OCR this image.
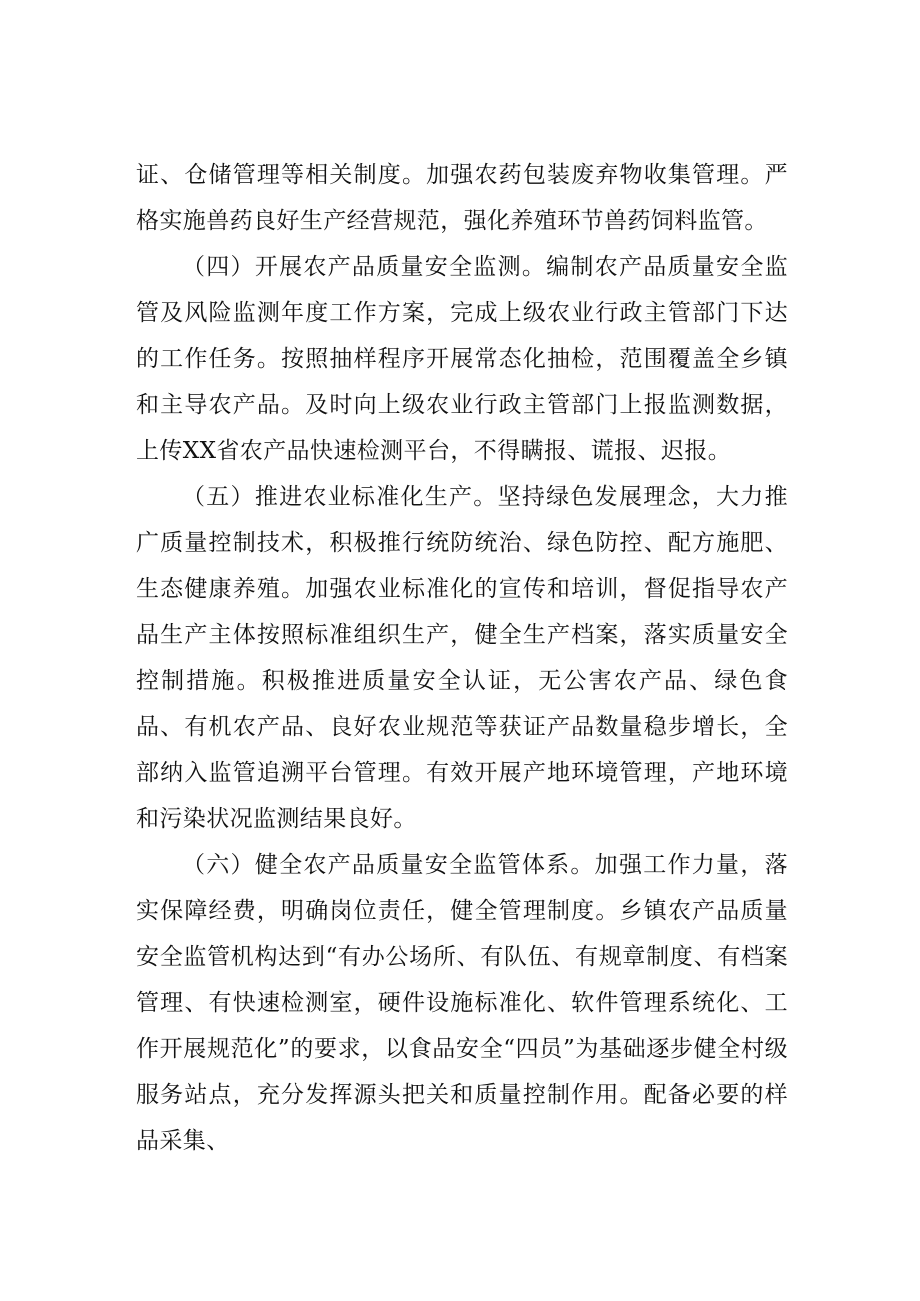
证、仓储管理等相关制度。加强农药包装废弃物收集管理。严格实施兽药良好生产经营规范，强化养殖环节兽药饲料监管。

（四）开展农产品质量安全监测。编制农产品质量安全监管及风险监测年度工作方案，完成上级农业行政主管部门下达的工作任务。按照抽样程序开展常态化抽检，范围覆盖全乡镇和主导农产品。及时向上级农业行政主管部门上报监测数据，上传XX省农产品快速检测平台，不得瞒报、谎报、迟报。

（五）推进农业标准化生产。坚持绿色发展理念，大力推广质量控制技术，积极推行统防统治、绿色防控、配方施肥、生态健康养殖。加强农业标准化的宣传和培训，督促指导农产品生产主体按照标准组织生产，健全生产档案，落实质量安全控制措施。积极推进质量安全认证，无公害农产品、绿色食品、有机农产品、良好农业规范等获证产品数量稳步增长，全部纳入监管追溯平台管理。有效开展产地环境管理，产地环境和污染状况监测结果良好。

（六）健全农产品质量安全监管体系。加强工作力量，落实保障经费，明确岗位责任，健全管理制度。乡镇农产品质量安全监管机构达到“有办公场所、有队伍、有规章制度、有档案管理、有快速检测室，硬件设施标准化、软件管理系统化、工作开展规范化”的要求，以食品安全“四员”为基础逐步健全村级服务站点，充分发挥源头把关和质量控制作用。配备必要的样品采集、
